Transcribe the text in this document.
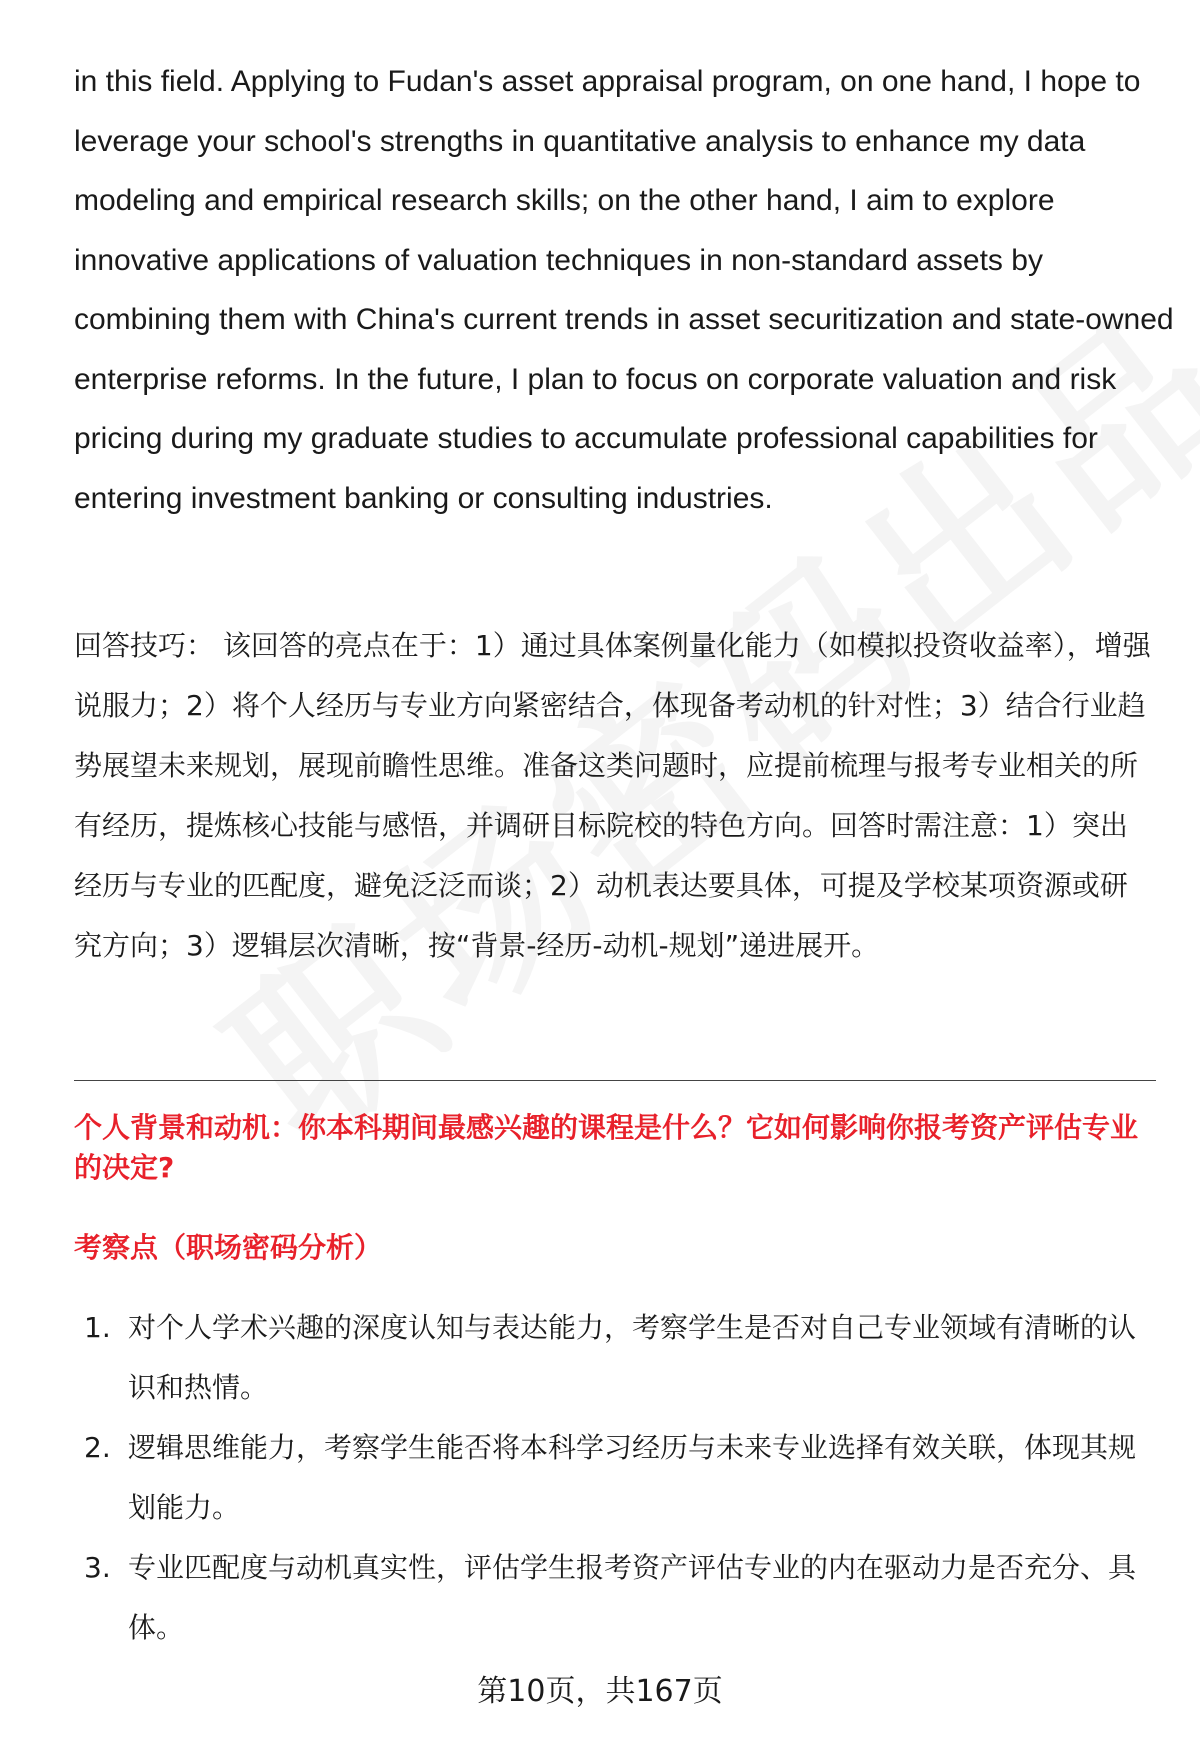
in this field. Applying to Fudan's asset appraisal program, on one hand, I hope to leverage your school's strengths in quantitative analysis to enhance my data modeling and empirical research skills; on the other hand, I aim to explore innovative applications of valuation techniques in non-standard assets by combining them with China's current trends in asset securitization and state-owned enterprise reforms. In the future, I plan to focus on corporate valuation and risk pricing during my graduate studies to accumulate professional capabilities for entering investment banking or consulting industries.

回答技巧： 该回答的亮点在于：1）通过具体案例量化能力（如模拟投资收益率），增强说服力；2）将个人经历与专业方向紧密结合，体现备考动机的针对性；3）结合行业趋势展望未来规划，展现前瞻性思维。准备这类问题时，应提前梳理与报考专业相关的所有经历，提炼核心技能与感悟，并调研目标院校的特色方向。回答时需注意：1）突出经历与专业的匹配度，避免泛泛而谈；2）动机表达要具体，可提及学校某项资源或研究方向；3）逻辑层次清晰，按“背景-经历-动机-规划”递进展开。

个人背景和动机：你本科期间最感兴趣的课程是什么？它如何影响你报考资产评估专业的决定?

考察点（职场密码分析）

1. 对个人学术兴趣的深度认知与表达能力，考察学生是否对自己专业领域有清晰的认识和热情。
2. 逻辑思维能力，考察学生能否将本科学习经历与未来专业选择有效关联，体现其规划能力。
3. 专业匹配度与动机真实性，评估学生报考资产评估专业的内在驱动力是否充分、具体。
第10页，共167页
